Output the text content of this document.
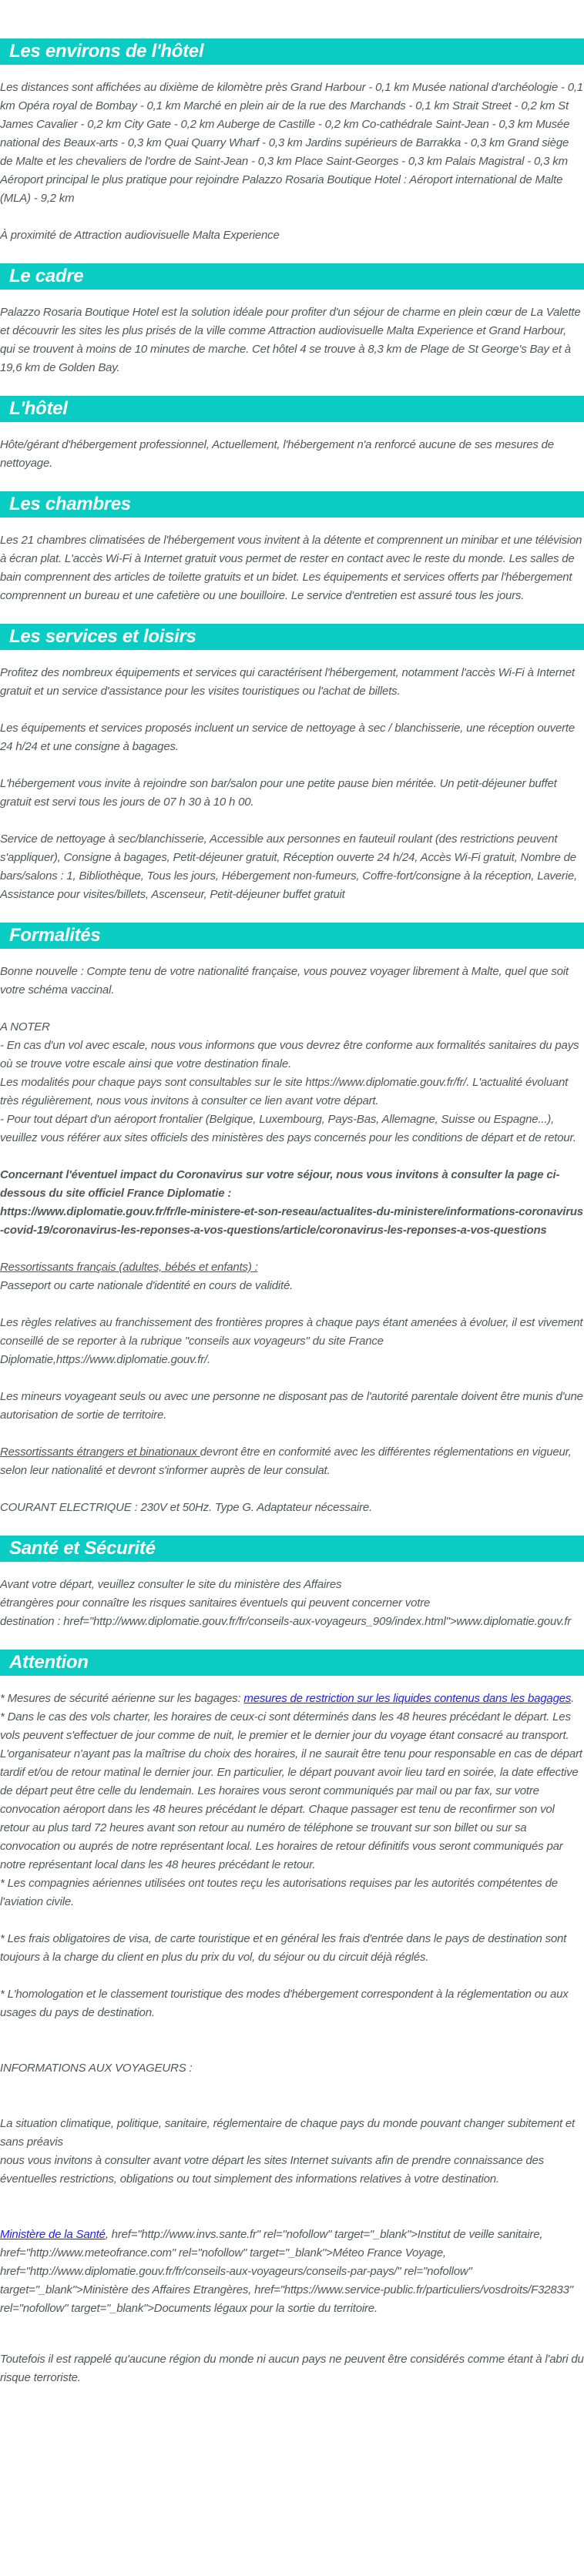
Les environs de l'hôtel

Les distances sont affichées au dixième de kilomètre près Grand Harbour - 0,1 km Musée national d'archéologie - 0,1 km Opéra royal de Bombay - 0,1 km Marché en plein air de la rue des Marchands - 0,1 km Strait Street - 0,2 km St James Cavalier - 0,2 km City Gate - 0,2 km Auberge de Castille - 0,2 km Co-cathédrale Saint-Jean - 0,3 km Musée national des Beaux-arts - 0,3 km Quai Quarry Wharf - 0,3 km Jardins supérieurs de Barrakka - 0,3 km Grand siège de Malte et les chevaliers de l'ordre de Saint-Jean - 0,3 km Place Saint-Georges - 0,3 km Palais Magistral - 0,3 km Aéroport principal le plus pratique pour rejoindre Palazzo Rosaria Boutique Hotel : Aéroport international de Malte (MLA) - 9,2 km

À proximité de Attraction audiovisuelle Malta Experience

Le cadre

Palazzo Rosaria Boutique Hotel est la solution idéale pour profiter d'un séjour de charme en plein cœur de La Valette et découvrir les sites les plus prisés de la ville comme Attraction audiovisuelle Malta Experience et Grand Harbour, qui se trouvent à moins de 10 minutes de marche. Cet hôtel 4 se trouve à 8,3 km de Plage de St George's Bay et à 19,6 km de Golden Bay.

L'hôtel

Hôte/gérant d'hébergement professionnel, Actuellement, l'hébergement n'a renforcé aucune de ses mesures de nettoyage.

Les chambres

Les 21 chambres climatisées de l'hébergement vous invitent à la détente et comprennent un minibar et une télévision à écran plat. L'accès Wi-Fi à Internet gratuit vous permet de rester en contact avec le reste du monde. Les salles de bain comprennent des articles de toilette gratuits et un bidet. Les équipements et services offerts par l'hébergement comprennent un bureau et une cafetière ou une bouilloire. Le service d'entretien est assuré tous les jours.

Les services et loisirs

Profitez des nombreux équipements et services qui caractérisent l'hébergement, notamment l'accès Wi-Fi à Internet gratuit et un service d'assistance pour les visites touristiques ou l'achat de billets.

Les équipements et services proposés incluent un service de nettoyage à sec / blanchisserie, une réception ouverte 24 h/24 et une consigne à bagages.

L'hébergement vous invite à rejoindre son bar/salon pour une petite pause bien méritée. Un petit-déjeuner buffet gratuit est servi tous les jours de 07 h 30 à 10 h 00.

Service de nettoyage à sec/blanchisserie, Accessible aux personnes en fauteuil roulant (des restrictions peuvent s'appliquer), Consigne à bagages, Petit-déjeuner gratuit, Réception ouverte 24 h/24, Accès Wi-Fi gratuit, Nombre de bars/salons : 1, Bibliothèque, Tous les jours, Hébergement non-fumeurs, Coffre-fort/consigne à la réception, Laverie, Assistance pour visites/billets, Ascenseur, Petit-déjeuner buffet gratuit

Formalités

Bonne nouvelle : Compte tenu de votre nationalité française, vous pouvez voyager librement à Malte, quel que soit votre schéma vaccinal.

A NOTER
- En cas d'un vol avec escale, nous vous informons que vous devrez être conforme aux formalités sanitaires du pays où se trouve votre escale ainsi que votre destination finale.
Les modalités pour chaque pays sont consultables sur le site https://www.diplomatie.gouv.fr/fr/. L'actualité évoluant très régulièrement, nous vous invitons à consulter ce lien avant votre départ.
- Pour tout départ d'un aéroport frontalier (Belgique, Luxembourg, Pays-Bas, Allemagne, Suisse ou Espagne...), veuillez vous référer aux sites officiels des ministères des pays concernés pour les conditions de départ et de retour.

Concernant l'éventuel impact du Coronavirus sur votre séjour, nous vous invitons à consulter la page ci-dessous du site officiel France Diplomatie :
https://www.diplomatie.gouv.fr/fr/le-ministere-et-son-reseau/actualites-du-ministere/informations-coronavirus-covid-19/coronavirus-les-reponses-a-vos-questions/article/coronavirus-les-reponses-a-vos-questions

Ressortissants français (adultes, bébés et enfants) :
Passeport ou carte nationale d'identité en cours de validité.

Les règles relatives au franchissement des frontières propres à chaque pays étant amenées à évoluer, il est vivement conseillé de se reporter à la rubrique "conseils aux voyageurs" du site France Diplomatie,https://www.diplomatie.gouv.fr/.

Les mineurs voyageant seuls ou avec une personne ne disposant pas de l'autorité parentale doivent être munis d'une autorisation de sortie de territoire.

Ressortissants étrangers et binationaux devront être en conformité avec les différentes réglementations en vigueur, selon leur nationalité et devront s'informer auprès de leur consulat.

COURANT ELECTRIQUE : 230V et 50Hz. Type G. Adaptateur nécessaire.

Santé et Sécurité

Avant votre départ, veuillez consulter le site du ministère des Affaires
étrangères pour connaître les risques sanitaires éventuels qui peuvent concerner votre
destination : href="http://www.diplomatie.gouv.fr/fr/conseils-aux-voyageurs_909/index.html">www.diplomatie.gouv.fr

Attention

* Mesures de sécurité aérienne sur les bagages: mesures de restriction sur les liquides contenus dans les bagages.
* Dans le cas des vols charter, les horaires de ceux-ci sont déterminés dans les 48 heures précédant le départ. Les vols peuvent s'effectuer de jour comme de nuit, le premier et le dernier jour du voyage étant consacré au transport. L'organisateur n'ayant pas la maîtrise du choix des horaires, il ne saurait être tenu pour responsable en cas de départ tardif et/ou de retour matinal le dernier jour. En particulier, le départ pouvant avoir lieu tard en soirée, la date effective de départ peut être celle du lendemain. Les horaires vous seront communiqués par mail ou par fax, sur votre convocation aéroport dans les 48 heures précédant le départ. Chaque passager est tenu de reconfirmer son vol retour au plus tard 72 heures avant son retour au numéro de téléphone se trouvant sur son billet ou sur sa convocation ou auprés de notre représentant local. Les horaires de retour définitifs vous seront communiqués par notre représentant local dans les 48 heures précédant le retour.
* Les compagnies aériennes utilisées ont toutes reçu les autorisations requises par les autorités compétentes de l'aviation civile.

* Les frais obligatoires de visa, de carte touristique et en général les frais d'entrée dans le pays de destination sont toujours à la charge du client en plus du prix du vol, du séjour ou du circuit déjà réglés.

* L'homologation et le classement touristique des modes d'hébergement correspondent à la réglementation ou aux usages du pays de destination.

INFORMATIONS AUX VOYAGEURS :

La situation climatique, politique, sanitaire, réglementaire de chaque pays du monde pouvant changer subitement et sans préavis
nous vous invitons à consulter avant votre départ les sites Internet suivants afin de prendre connaissance des éventuelles restrictions, obligations ou tout simplement des informations relatives à votre destination.

Ministère de la Santé, href="http://www.invs.sante.fr" rel="nofollow" target="_blank">Institut de veille sanitaire, href="http://www.meteofrance.com" rel="nofollow" target="_blank">Méteo France Voyage, href="http://www.diplomatie.gouv.fr/fr/conseils-aux-voyageurs/conseils-par-pays/" rel="nofollow" target="_blank">Ministère des Affaires Etrangères, href="https://www.service-public.fr/particuliers/vosdroits/F32833" rel="nofollow" target="_blank">Documents légaux pour la sortie du territoire.

Toutefois il est rappelé qu'aucune région du monde ni aucun pays ne peuvent être considérés comme étant à l'abri du risque terroriste.
